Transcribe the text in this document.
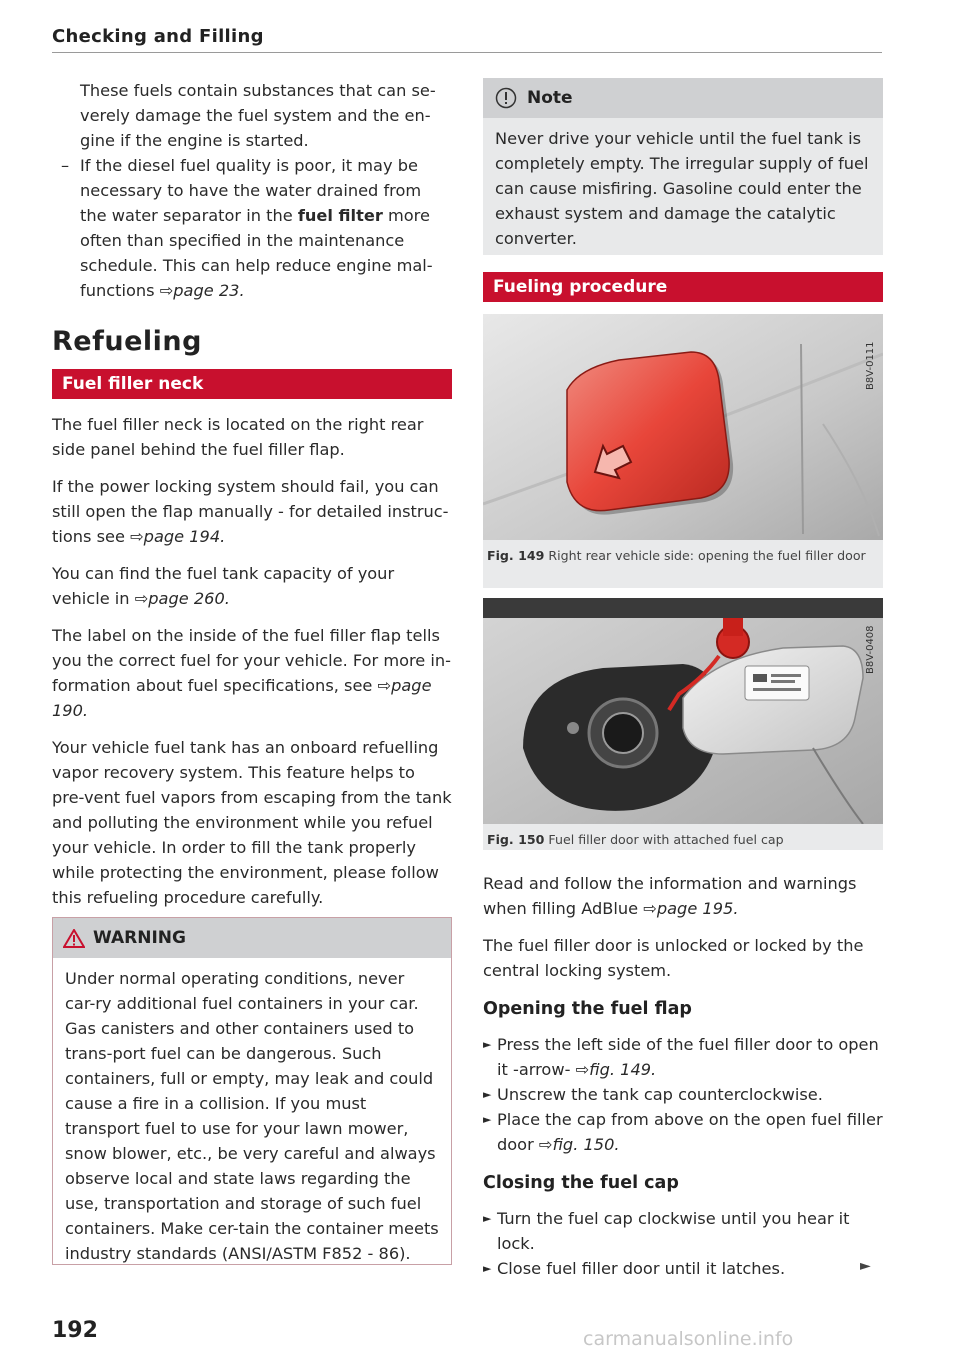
Checking and Filling

These fuels contain substances that can se-verely damage the fuel system and the en-gine if the engine is started.

– If the diesel fuel quality is poor, it may be necessary to have the water drained from the water separator in the fuel filter more often than specified in the maintenance schedule. This can help reduce engine mal-functions ⇨page 23.

Refueling
Fuel filler neck

The fuel filler neck is located on the right rear side panel behind the fuel filler flap.

If the power locking system should fail, you can still open the flap manually - for detailed instruc-tions see ⇨page 194.

You can find the fuel tank capacity of your vehicle in ⇨page 260.

The label on the inside of the fuel filler flap tells you the correct fuel for your vehicle. For more in-formation about fuel specifications, see ⇨page 190.

Your vehicle fuel tank has an onboard refuelling vapor recovery system. This feature helps to pre-vent fuel vapors from escaping from the tank and polluting the environment while you refuel your vehicle. In order to fill the tank properly while protecting the environment, please follow this refueling procedure carefully.

WARNING
Under normal operating conditions, never car-ry additional fuel containers in your car. Gas canisters and other containers used to trans-port fuel can be dangerous. Such containers, full or empty, may leak and could cause a fire in a collision. If you must transport fuel to use for your lawn mower, snow blower, etc., be very careful and always observe local and state laws regarding the use, transportation and storage of such fuel containers. Make cer-tain the container meets industry standards (ANSI/ASTM F852 - 86).
192
Note
Never drive your vehicle until the fuel tank is completely empty. The irregular supply of fuel can cause misfiring. Gasoline could enter the exhaust system and damage the catalytic converter.
Fueling procedure
B8V-0111
Fig. 149 Right rear vehicle side: opening the fuel filler door
B8V-0408
Fig. 150 Fuel filler door with attached fuel cap

Read and follow the information and warnings when filling AdBlue ⇨page 195.

The fuel filler door is unlocked or locked by the central locking system.

Opening the fuel flap
► Press the left side of the fuel filler door to open it -arrow- ⇨fig. 149.
► Unscrew the tank cap counterclockwise.
► Place the cap from above on the open fuel filler door ⇨fig. 150.
Closing the fuel cap
► Turn the fuel cap clockwise until you hear it lock.
► Close fuel filler door until it latches.	►
carmanualsonline.info
